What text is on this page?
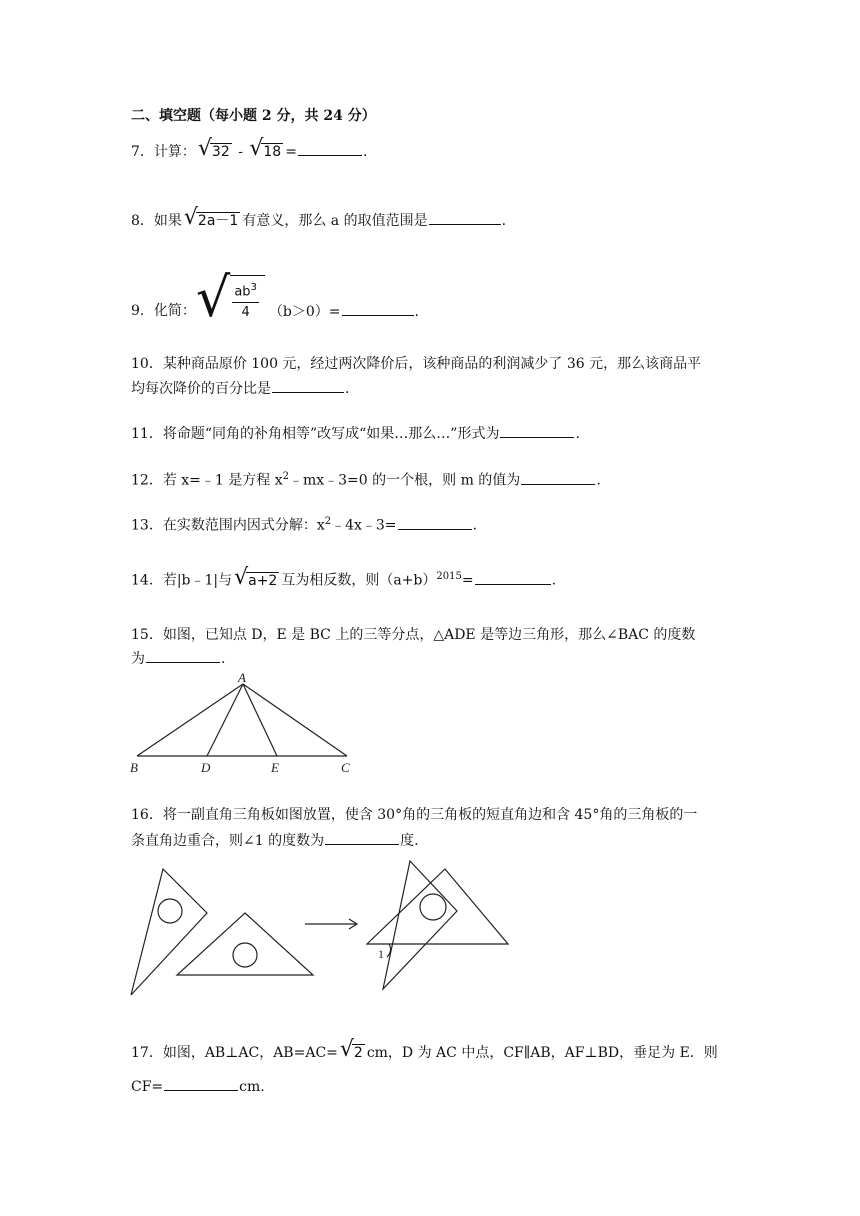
二、填空题（每小题 2 分，共 24 分）
7．计算： √ 32 - √ 18 =	.
8．如果 √ 2a－1 有意义，那么 a 的取值范围是	.
9．化简： √ $\frac{ab^3}{4} (b>0)=$	.
10．某种商品原价 100 元，经过两次降价后，该种商品的利润减少了 36 元，那么该商品平
均每次降价的百分比是	.
11．将命题“同角的补角相等”改写成“如果…那么…”形式为	.
12．若 x=﹣1 是方程 $x^2﹣mx﹣3=0$ 的一个根，则 m 的值为	.
13．在实数范围内因式分解：$x^2﹣4x﹣3=$	.
14．若|b﹣1|与 √ a+2 互为相反数，则$(a+b)^{2015}=$	.
15．如图，已知点 D，E 是 BC 上的三等分点，△ADE 是等边三角形，那么∠BAC 的度数
为	.
A
B	D	E	C
16．将一副直角三角板如图放置，使含 30°角的三角板的短直角边和含 45°角的三角板的一
条直角边重合，则∠1 的度数为	度.
1
17．如图，AB⊥AC，AB=AC= √ 2 cm，D 为 AC 中点，CF∥AB，AF⊥BD，垂足为 E．则
CF=	cm.
